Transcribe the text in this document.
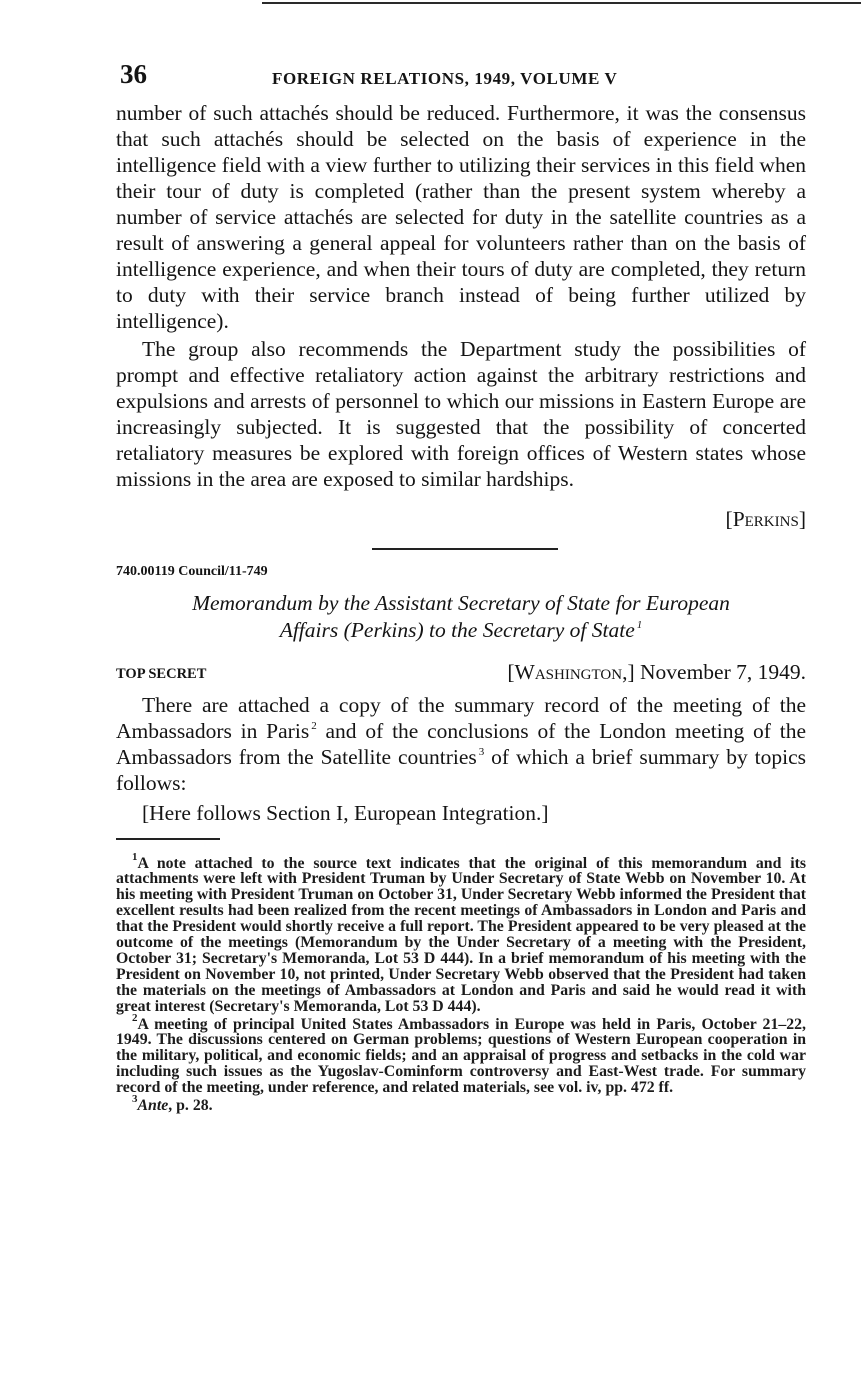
36	FOREIGN RELATIONS, 1949, VOLUME V

number of such attachés should be reduced. Furthermore, it was the consensus that such attachés should be selected on the basis of experience in the intelligence field with a view further to utilizing their services in this field when their tour of duty is completed (rather than the present system whereby a number of service attachés are selected for duty in the satellite countries as a result of answering a general appeal for volunteers rather than on the basis of intelligence experience, and when their tours of duty are completed, they return to duty with their service branch instead of being further utilized by intelligence).

The group also recommends the Department study the possibilities of prompt and effective retaliatory action against the arbitrary restrictions and expulsions and arrests of personnel to which our missions in Eastern Europe are increasingly subjected. It is suggested that the possibility of concerted retaliatory measures be explored with foreign offices of Western states whose missions in the area are exposed to similar hardships.

[Perkins]
740.00119 Council/11-749
Memorandum by the Assistant Secretary of State for European
Affairs (Perkins) to the Secretary of State $^1$
TOP SECRET	[Washington,] November 7, 1949.

There are attached a copy of the summary record of the meeting of the Ambassadors in Paris $^2$ and of the conclusions of the London meeting of the Ambassadors from the Satellite countries $^3$ of which a brief summary by topics follows:

[Here follows Section I, European Integration.]

$^1$A note attached to the source text indicates that the original of this memorandum and its attachments were left with President Truman by Under Secretary of State Webb on November 10. At his meeting with President Truman on October 31, Under Secretary Webb informed the President that excellent results had been realized from the recent meetings of Ambassadors in London and Paris and that the President would shortly receive a full report. The President appeared to be very pleased at the outcome of the meetings (Memorandum by the Under Secretary of a meeting with the President, October 31; Secretary's Memoranda, Lot 53 D 444). In a brief memorandum of his meeting with the President on November 10, not printed, Under Secretary Webb observed that the President had taken the materials on the meetings of Ambassadors at London and Paris and said he would read it with great interest (Secretary's Memoranda, Lot 53 D 444).

$^2$A meeting of principal United States Ambassadors in Europe was held in Paris, October 21–22, 1949. The discussions centered on German problems; questions of Western European cooperation in the military, political, and economic fields; and an appraisal of progress and setbacks in the cold war including such issues as the Yugoslav-Cominform controversy and East-West trade. For summary record of the meeting, under reference, and related materials, see vol. iv, pp. 472 ff.

$^3$Ante, p. 28.
